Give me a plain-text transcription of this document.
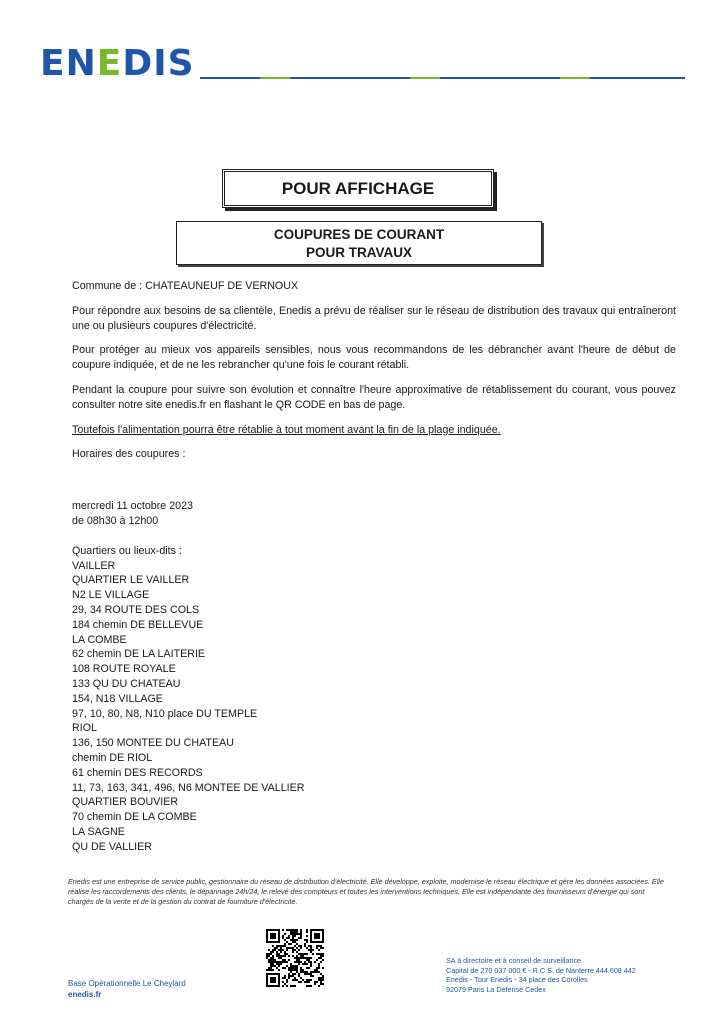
ENEDIS
POUR AFFICHAGE
COUPURES DE COURANT
POUR TRAVAUX

Commune de : CHATEAUNEUF DE VERNOUX

Pour répondre aux besoins de sa clientèle, Enedis a prévu de réaliser sur le réseau de distribution des travaux qui entraîneront une ou plusieurs coupures d'électricité.

Pour protéger au mieux vos appareils sensibles, nous vous recommandons de les débrancher avant l'heure de début de coupure indiquée, et de ne les rebrancher qu'une fois le courant rétabli.

Pendant la coupure pour suivre son évolution et connaître l'heure approximative de rétablissement du courant, vous pouvez consulter notre site enedis.fr en flashant le QR CODE en bas de page.

Toutefois l'alimentation pourra être rétablie à tout moment avant la fin de la plage indiquée.

Horaires des coupures :

mercredi 11 octobre 2023
de 08h30 à 12h00
Quartiers ou lieux-dits :
VAILLER
QUARTIER LE VAILLER
N2 LE VILLAGE
29, 34 ROUTE DES COLS
184 chemin DE BELLEVUE
LA COMBE
62 chemin DE LA LAITERIE
108 ROUTE ROYALE
133 QU DU CHATEAU
154, N18 VILLAGE
97, 10, 80, N8, N10 place DU TEMPLE
RIOL
136, 150 MONTEE DU CHATEAU
chemin DE RIOL
61 chemin DES RECORDS
11, 73, 163, 341, 496, N6 MONTEE DE VALLIER
QUARTIER BOUVIER
70 chemin DE LA COMBE
LA SAGNE
QU DE VALLIER
Enedis est une entreprise de service public, gestionnaire du réseau de distribution d'électricité. Elle développe, exploite, modernise le réseau électrique et gère les données associées. Elle réalise les raccordements des clients, le dépannage 24h/24, le relevé des compteurs et toutes les interventions techniques. Elle est indépendante des fournisseurs d'énergie qui sont chargés de la vente et de la gestion du contrat de fourniture d'électricité.
Base Opérationnelle Le Cheylard
enedis.fr
SA à directoire et à conseil de surveillance
Capital de 270 037 000 € - R.C.S. de Nanterre 444 608 442
Enedis - Tour Enedis - 34 place des Corolles
92079 Paris La Défense Cedex
